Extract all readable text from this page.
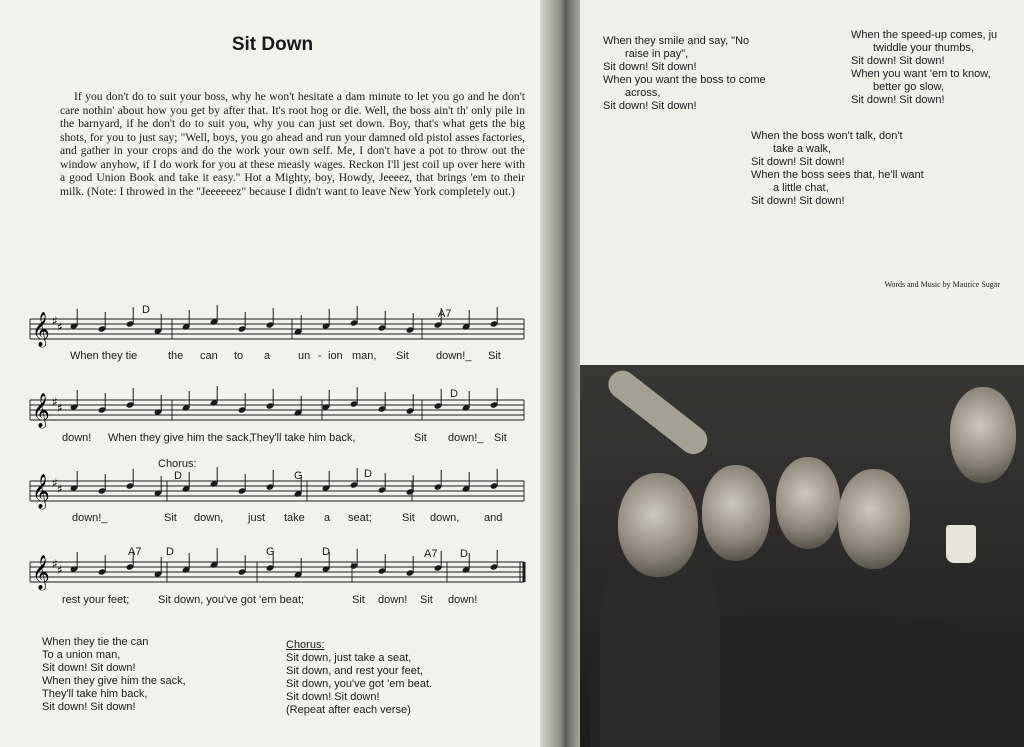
Sit Down

If you don't do to suit your boss, why he won't hesitate a dam minute to let you go and he don't care nothin' about how you get by after that. It's root hog or die. Well, the boss ain't th' only pile in the barnyard, if he don't do to suit you, why you can just set down. Boy, that's what gets the big shots, for you to just say; "Well, boys, you go ahead and run your damned old pistol asses factories, and gather in your crops and do the work your own self. Me, I don't have a pot to throw out the window anyhow, if I do work for you at these measly wages. Reckon I'll jest coil up over here with a good Union Book and take it easy." Hot a Mighty, boy, Howdy, Jeeeez, that brings 'em to their milk. (Note: I throwed in the "Jeeeeeez" because I didn't want to leave New York completely out.)

Words and Music by Maurice Sugar
𝄞 ♯ ♯
𝄞 ♯ ♯
𝄞 ♯ ♯
𝄞 ♯ ♯
Chorus:
D	A7
D
D	G	D
A7 D	G	D	A7 D
When they tie	the can to a	un - ion man, Sit down!_ Sit
down! When they give him the sack,
They'll take him back,	Sit down!_ Sit
down!_	Sit down, just take a seat;	Sit down, and
rest your feet;	Sit down, you've got 'em beat;	Sit down! Sit down!
When they tie the can
To a union man,
Sit down! Sit down!
When they give him the sack,
They'll take him back,
Sit down! Sit down!
Chorus:
Sit down, just take a seat,
Sit down, and rest your feet,
Sit down, you've got 'em beat.
Sit down! Sit down!
(Repeat after each verse)
When they smile and say, "No
raise in pay",
Sit down! Sit down!
When you want the boss to come
across,
Sit down! Sit down!
When the speed-up comes, ju
twiddle your thumbs,
Sit down! Sit down!
When you want 'em to know,
better go slow,
Sit down! Sit down!
When the boss won't talk, don't
take a walk,
Sit down! Sit down!
When the boss sees that, he'll want
a little chat,
Sit down! Sit down!
